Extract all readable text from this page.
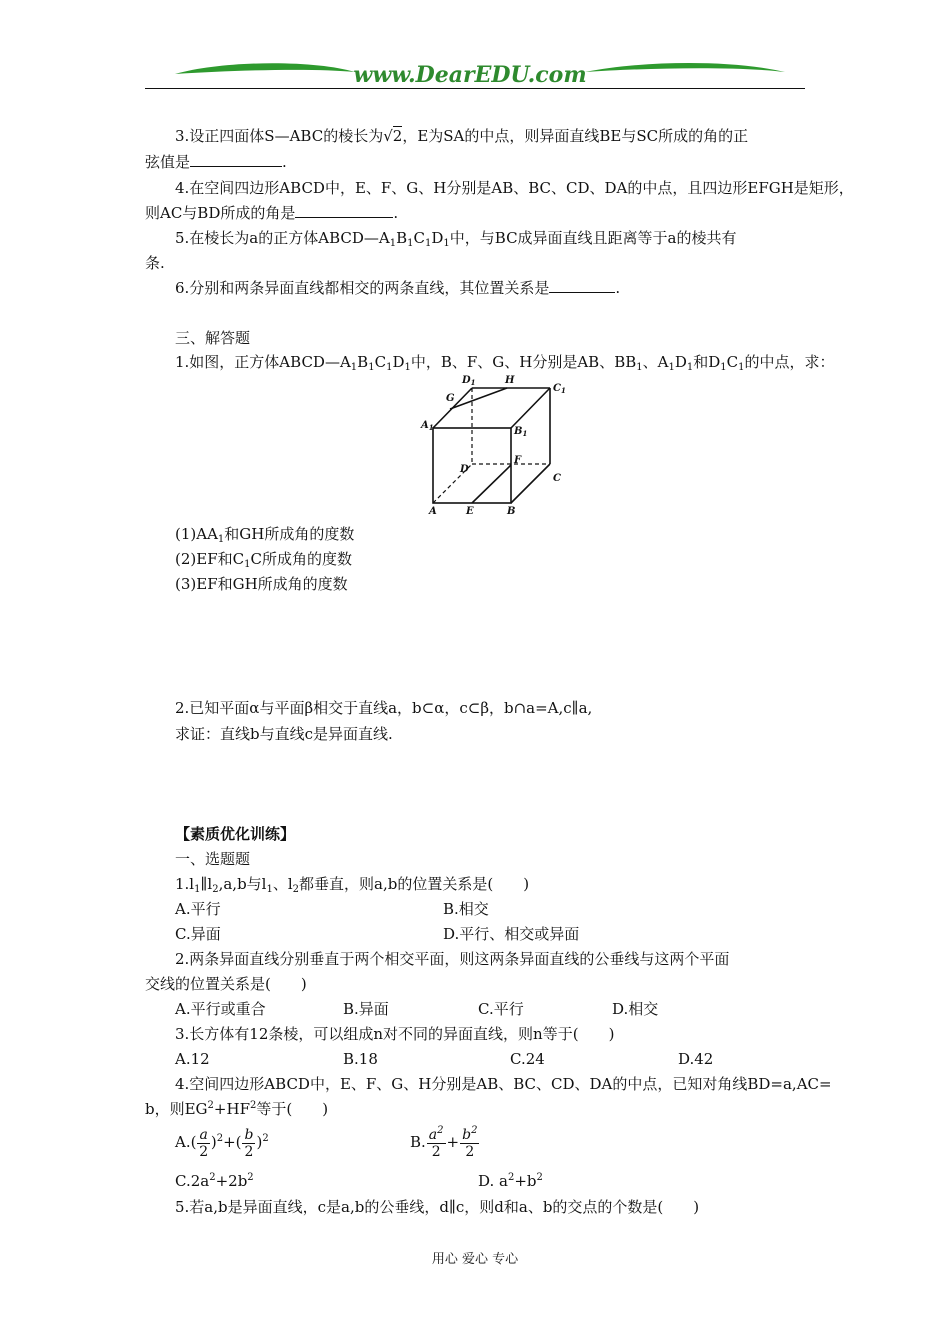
www.DearEDU.com
3.设正四面体S—ABC的棱长为√2，E为SA的中点，则异面直线BE与SC所成的角的正
弦值是	.
4.在空间四边形ABCD中，E、F、G、H分别是AB、BC、CD、DA的中点，且四边形EFGH是矩形，
则AC与BD所成的角是	.
5.在棱长为a的正方体$ABCD—A_1B_1C_1D_1$中，与BC成异面直线且距离等于a的棱共有
条.
6.分别和两条异面直线都相交的两条直线，其位置关系是	.
三、解答题
1.如图，正方体$ABCD—A_1B_1C_1D_1$中，B、F、G、H分别是AB、$BB_1$、$A_1D_1$和$D_1C_1$的中点，求：
$D_1$	H
$C_1$
G
$A_1$	$B_1$
F
D
C
A	E	B
$(1)AA_1$和GH所成角的度数
(2)EF和$C_1C$所成角的度数
(3)EF和GH所成角的度数
2.已知平面α与平面β相交于直线a，b⊂α，c⊂β，b∩a=A,c∥a,
求证：直线b与直线c是异面直线.
【素质优化训练】
一、选题题
$1.l_1\parallel l_2,a,b$与$l_1$、$l_2$都垂直，则a,b的位置关系是(　　)
A.平行	B.相交
C.异面	D.平行、相交或异面
2.两条异面直线分别垂直于两个相交平面，则这两条异面直线的公垂线与这两个平面
交线的位置关系是(　　)
A.平行或重合	B.异面	C.平行	D.相交
3.长方体有12条棱，可以组成n对不同的异面直线，则n等于(　　)
A.12	B.18	C.24	D.42
4.空间四边形ABCD中，E、F、G、H分别是AB、BC、CD、DA的中点，已知对角线BD=a,AC=
b，则$EG^2+HF^2$等于(　　)
$A.( \frac{a}{2} )^2+( \frac{b}{2} )^2$	B. $\frac{a^2}{2} + \frac{b^2}{2}$
$C.2a^2+2b^2$	D. $a^2+b^2$
5.若a,b是异面直线，c是a,b的公垂线，d∥c，则d和a、b的交点的个数是(　　)
用心 爱心 专心
